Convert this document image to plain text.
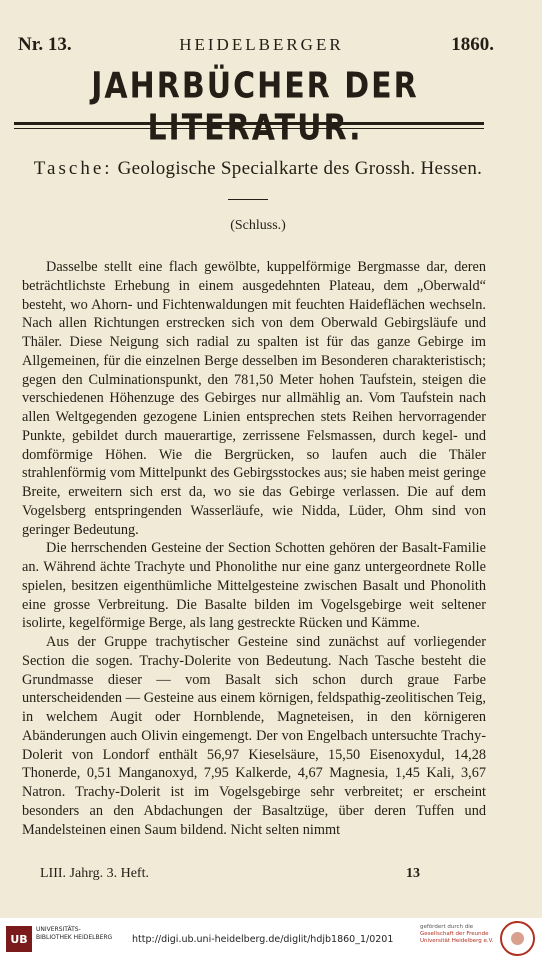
Nr. 13.	HEIDELBERGER	1860.
JAHRBÜCHER DER
Tasche: Geologische Specialkarte des Grossh. Hessen.
(Schluss.)

Dasselbe stellt eine flach gewölbte, kuppelförmige Bergmasse dar, deren beträchtlichste Erhebung in einem ausgedehnten Plateau, dem „Oberwald“ besteht, wo Ahorn- und Fichtenwaldungen mit feuchten Haideflächen wechseln. Nach allen Richtungen erstrecken sich von dem Oberwald Gebirgsläufe und Thäler. Diese Neigung sich radial zu spalten ist für das ganze Gebirge im Allgemeinen, für die einzelnen Berge desselben im Besonderen charakteristisch; gegen den Culminationspunkt, den 781,50 Meter hohen Taufstein, steigen die verschiedenen Höhenzuge des Gebirges nur allmählig an. Vom Taufstein nach allen Weltgegenden gezogene Linien entsprechen stets Reihen hervorragender Punkte, gebildet durch mauerartige, zerrissene Felsmassen, durch kegel- und domförmige Höhen. Wie die Bergrücken, so laufen auch die Thäler strahlenförmig vom Mittelpunkt des Gebirgsstockes aus; sie haben meist geringe Breite, erweitern sich erst da, wo sie das Gebirge verlassen. Die auf dem Vogelsberg entspringenden Wasserläufe, wie Nidda, Lüder, Ohm sind von geringer Bedeutung.

Die herrschenden Gesteine der Section Schotten gehören der Basalt-Familie an. Während ächte Trachyte und Phonolithe nur eine ganz untergeordnete Rolle spielen, besitzen eigenthümliche Mittelgesteine zwischen Basalt und Phonolith eine grosse Verbreitung. Die Basalte bilden im Vogelsgebirge weit seltener isolirte, kegelförmige Berge, als lang gestreckte Rücken und Kämme.

Aus der Gruppe trachytischer Gesteine sind zunächst auf vorliegender Section die sogen. Trachy-Dolerite von Bedeutung. Nach Tasche besteht die Grundmasse dieser — vom Basalt sich schon durch graue Farbe unterscheidenden — Gesteine aus einem körnigen, feldspathig-zeolitischen Teig, in welchem Augit oder Hornblende, Magneteisen, in den körnigeren Abänderungen auch Olivin eingemengt. Der von Engelbach untersuchte Trachy-Dolerit von Londorf enthält 56,97 Kieselsäure, 15,50 Eisenoxydul, 14,28 Thonerde, 0,51 Manganoxyd, 7,95 Kalkerde, 4,67 Magnesia, 1,45 Kali, 3,67 Natron. Trachy-Dolerit ist im Vogelsgebirge sehr verbreitet; er erscheint besonders an den Abdachungen der Basaltzüge, über deren Tuffen und Mandelsteinen einen Saum bildend. Nicht selten nimmt

LIII. Jahrg. 3. Heft.	13
UB
UNIVERSITÄTS- BIBLIOTHEK HEIDELBERG	http://digi.ub.uni-heidelberg.de/diglit/hdjb1860_1/0201
gefördert durch die
Gesellschaft der Freunde Universität Heidelberg e.V.
